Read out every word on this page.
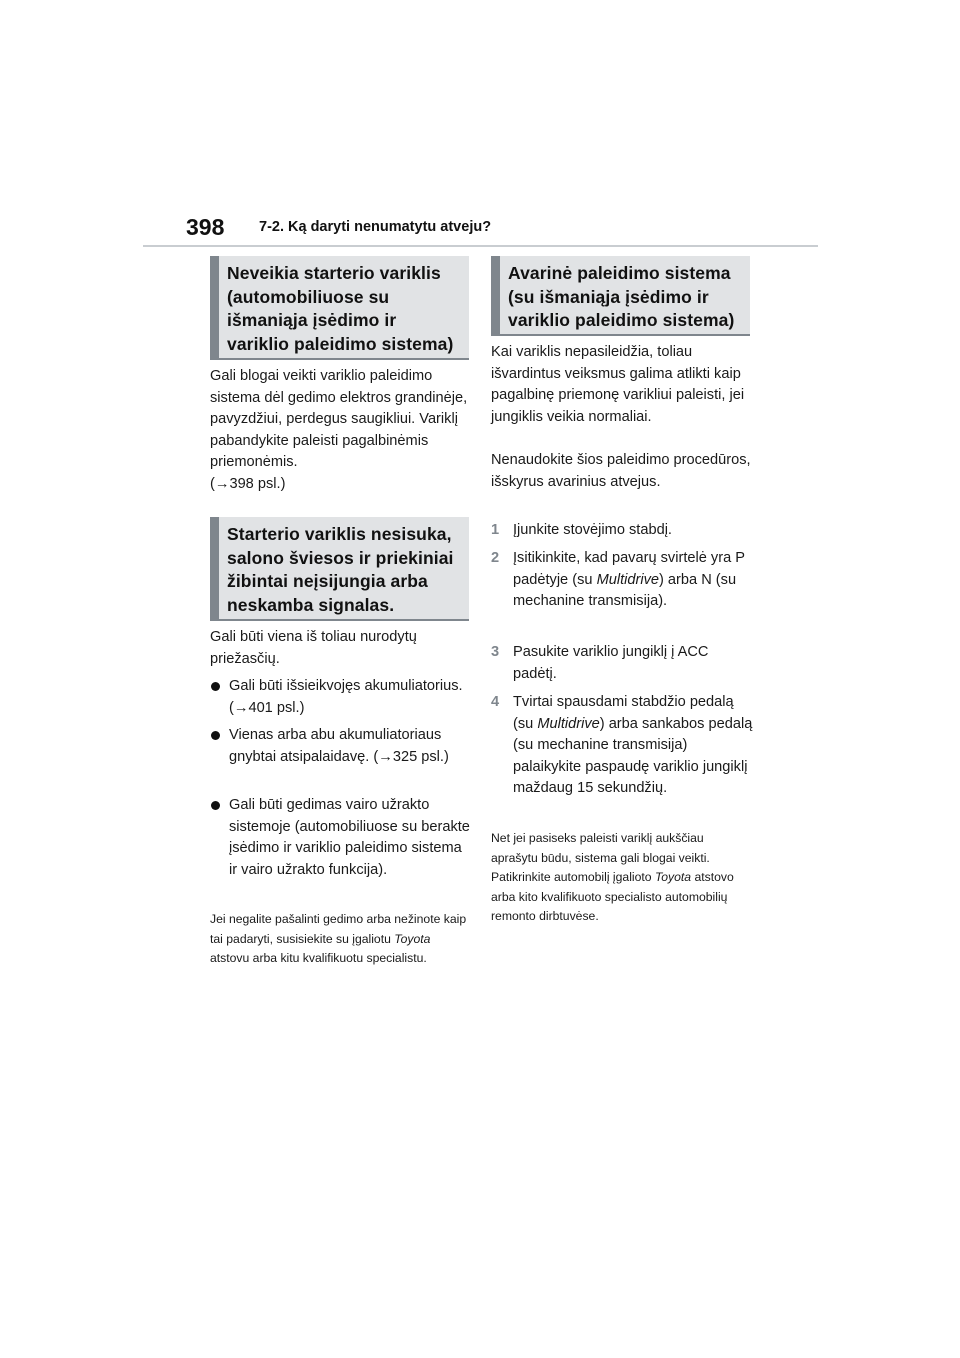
398 7-2. Ką daryti nenumatytu atveju?
Neveikia starterio variklis (automobiliuose su išmaniąja įsėdimo ir variklio paleidimo sistema)

Gali blogai veikti variklio paleidimo sistema dėl gedimo elektros grandinėje, pavyzdžiui, perdegus saugikliui. Variklį pabandykite paleisti pagalbinėmis priemonėmis.
(→398 psl.)

Starterio variklis nesisuka, salono šviesos ir priekiniai žibintai neįsijungia arba neskamba signalas.

Gali būti viena iš toliau nurodytų priežasčių.

Gali būti išsieikvojęs akumuliatorius. (→401 psl.)
Vienas arba abu akumuliatoriaus gnybtai atsipalaidavę. (→325 psl.)
Gali būti gedimas vairo užrakto sistemoje (automobiliuose su berakte įsėdimo ir variklio paleidimo sistema ir vairo užrakto funkcija).

Jei negalite pašalinti gedimo arba nežinote kaip tai padaryti, susisiekite su įgaliotu Toyota atstovu arba kitu kvalifikuotu specialistu.

Avarinė paleidimo sistema (su išmaniąja įsėdimo ir variklio paleidimo sistema)

Kai variklis nepasileidžia, toliau išvardintus veiksmus galima atlikti kaip pagalbinę priemonę varikliui paleisti, jei jungiklis veikia normaliai.

Nenaudokite šios paleidimo procedūros, išskyrus avarinius atvejus.

1 Įjunkite stovėjimo stabdį.
2 Įsitikinkite, kad pavarų svirtelė yra P padėtyje (su Multidrive) arba N (su mechanine transmisija).
3 Pasukite variklio jungiklį į ACC padėtį.
4 Tvirtai spausdami stabdžio pedalą (su Multidrive) arba sankabos pedalą (su mechanine transmisija) palaikykite paspaudę variklio jungiklį maždaug 15 sekundžių.

Net jei pasiseks paleisti variklį aukščiau aprašytu būdu, sistema gali blogai veikti. Patikrinkite automobilį įgalioto Toyota atstovo arba kito kvalifikuoto specialisto automobilių remonto dirbtuvėse.
